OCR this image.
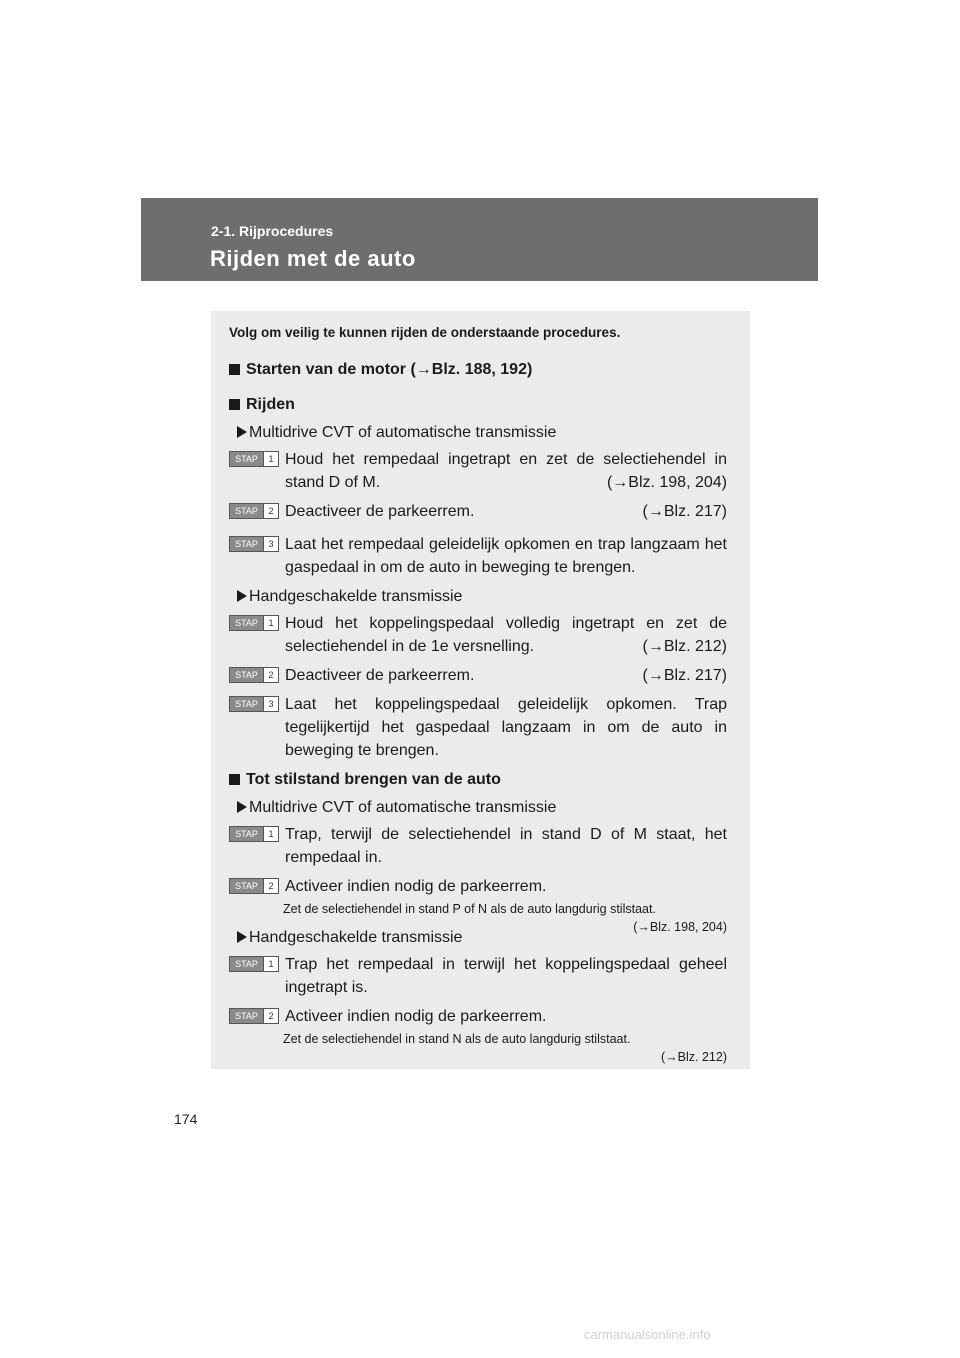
2-1. Rijprocedures
Rijden met de auto
Volg om veilig te kunnen rijden de onderstaande procedures.
Starten van de motor (→Blz. 188, 192)
Rijden
Multidrive CVT of automatische transmissie
STAP	1 Houd het rempedaal ingetrapt en zet de selectiehendel in stand D of M.	(→Blz. 198, 204)
STAP	2 Deactiveer de parkeerrem.	(→Blz. 217)
STAP	3 Laat het rempedaal geleidelijk opkomen en trap langzaam het gaspedaal in om de auto in beweging te brengen.
Handgeschakelde transmissie
STAP	1 Houd het koppelingspedaal volledig ingetrapt en zet de selectiehendel in de 1e versnelling.	(→Blz. 212)
STAP	2 Deactiveer de parkeerrem.	(→Blz. 217)
STAP	3 Laat het koppelingspedaal geleidelijk opkomen. Trap tegelijkertijd het gaspedaal langzaam in om de auto in beweging te brengen.
Tot stilstand brengen van de auto
Multidrive CVT of automatische transmissie
STAP	1 Trap, terwijl de selectiehendel in stand D of M staat, het rempedaal in.
STAP	2 Activeer indien nodig de parkeerrem.
Zet de selectiehendel in stand P of N als de auto langdurig stilstaat.
(→Blz. 198, 204)
Handgeschakelde transmissie
STAP	1 Trap het rempedaal in terwijl het koppelingspedaal geheel ingetrapt is.
STAP	2 Activeer indien nodig de parkeerrem.
Zet de selectiehendel in stand N als de auto langdurig stilstaat.

(→Blz. 212)
174
carmanualsonline.info
